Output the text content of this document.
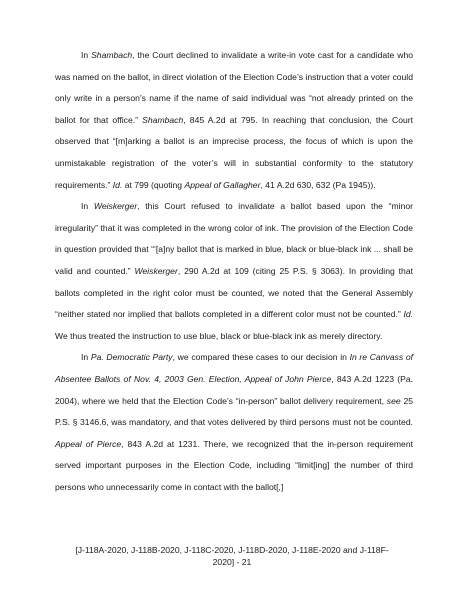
In Shambach, the Court declined to invalidate a write-in vote cast for a candidate who was named on the ballot, in direct violation of the Election Code’s instruction that a voter could only write in a person’s name if the name of said individual was “not already printed on the ballot for that office.” Shambach, 845 A.2d at 795. In reaching that conclusion, the Court observed that “[m]arking a ballot is an imprecise process, the focus of which is upon the unmistakable registration of the voter’s will in substantial conformity to the statutory requirements.” Id. at 799 (quoting Appeal of Gallagher, 41 A.2d 630, 632 (Pa 1945)).

In Weiskerger, this Court refused to invalidate a ballot based upon the “minor irregularity” that it was completed in the wrong color of ink. The provision of the Election Code in question provided that “‘[a]ny ballot that is marked in blue, black or blue-black ink ... shall be valid and counted.” Weiskerger, 290 A.2d at 109 (citing 25 P.S. § 3063). In providing that ballots completed in the right color must be counted, we noted that the General Assembly “neither stated nor implied that ballots completed in a different color must not be counted.” Id. We thus treated the instruction to use blue, black or blue-black ink as merely directory.

In Pa. Democratic Party, we compared these cases to our decision in In re Canvass of Absentee Ballots of Nov. 4, 2003 Gen. Election, Appeal of John Pierce, 843 A.2d 1223 (Pa. 2004), where we held that the Election Code’s “in-person” ballot delivery requirement, see 25 P.S. § 3146.6, was mandatory, and that votes delivered by third persons must not be counted. Appeal of Pierce, 843 A.2d at 1231. There, we recognized that the in-person requirement served important purposes in the Election Code, including “limit[ing] the number of third persons who unnecessarily come in contact with the ballot[,]

[J-118A-2020, J-118B-2020, J-118C-2020, J-118D-2020, J-118E-2020 and J-118F-
2020] - 21
